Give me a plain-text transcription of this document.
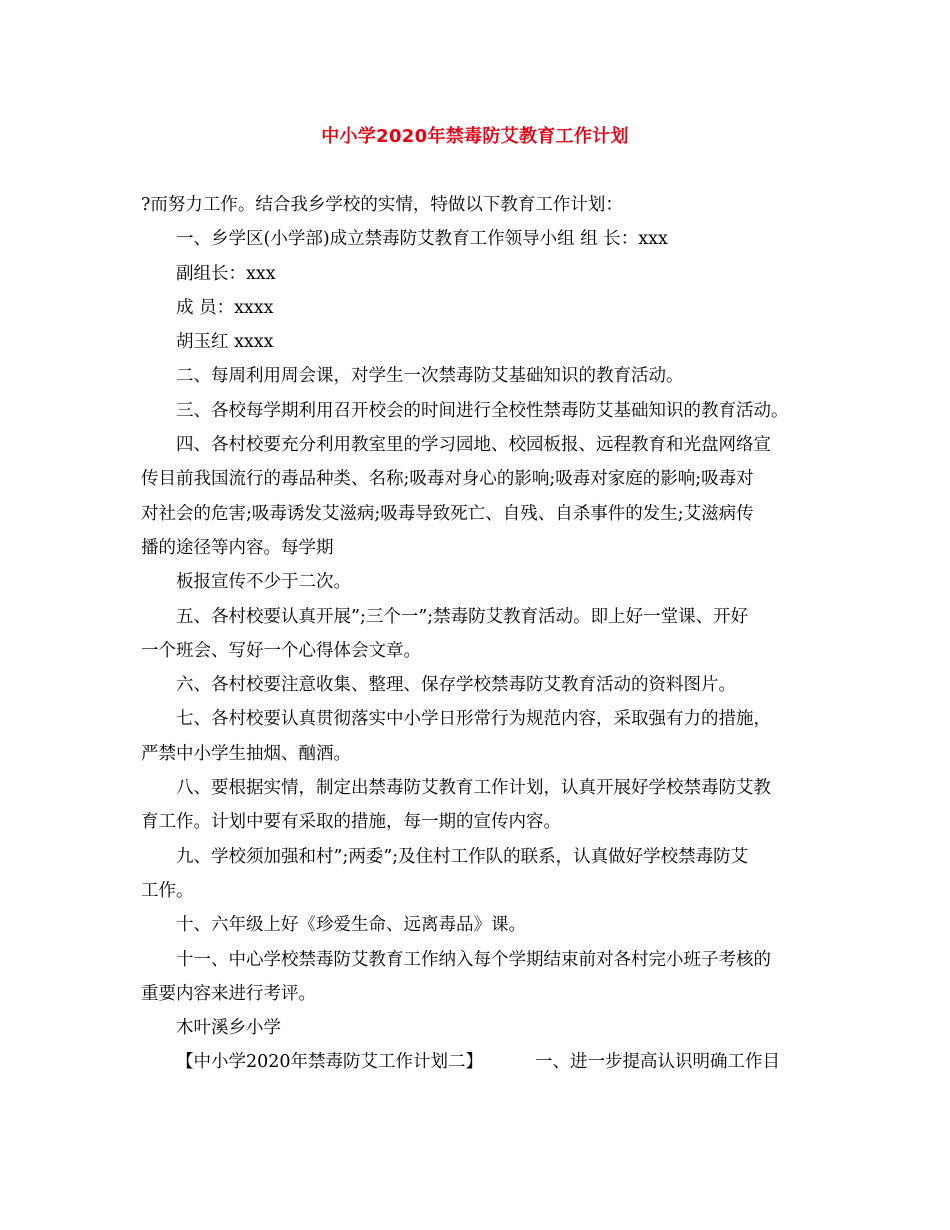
中小学2020年禁毒防艾教育工作计划
?而努力工作。结合我乡学校的实情，特做以下教育工作计划：
一、乡学区(小学部)成立禁毒防艾教育工作领导小组 组 长：xxx
副组长：xxx
成 员：xxxx
胡玉红 xxxx
二、每周利用周会课，对学生一次禁毒防艾基础知识的教育活动。
三、各校每学期利用召开校会的时间进行全校性禁毒防艾基础知识的教育活动。
四、各村校要充分利用教室里的学习园地、校园板报、远程教育和光盘网络宣
传目前我国流行的毒品种类、名称;吸毒对身心的影响;吸毒对家庭的影响;吸毒对
对社会的危害;吸毒诱发艾滋病;吸毒导致死亡、自残、自杀事件的发生;艾滋病传
播的途径等内容。每学期
板报宣传不少于二次。
五、各村校要认真开展”;三个一”;禁毒防艾教育活动。即上好一堂课、开好
一个班会、写好一个心得体会文章。
六、各村校要注意收集、整理、保存学校禁毒防艾教育活动的资料图片。
七、各村校要认真贯彻落实中小学日形常行为规范内容，采取强有力的措施，
严禁中小学生抽烟、酗酒。
八、要根据实情，制定出禁毒防艾教育工作计划，认真开展好学校禁毒防艾教
育工作。计划中要有采取的措施，每一期的宣传内容。
九、学校须加强和村”;两委”;及住村工作队的联系，认真做好学校禁毒防艾
工作。
十、六年级上好《珍爱生命、远离毒品》课。
十一、中心学校禁毒防艾教育工作纳入每个学期结束前对各村完小班子考核的
重要内容来进行考评。
木叶溪乡小学
【中小学2020年禁毒防艾工作计划二】	一、进一步提高认识明确工作目
